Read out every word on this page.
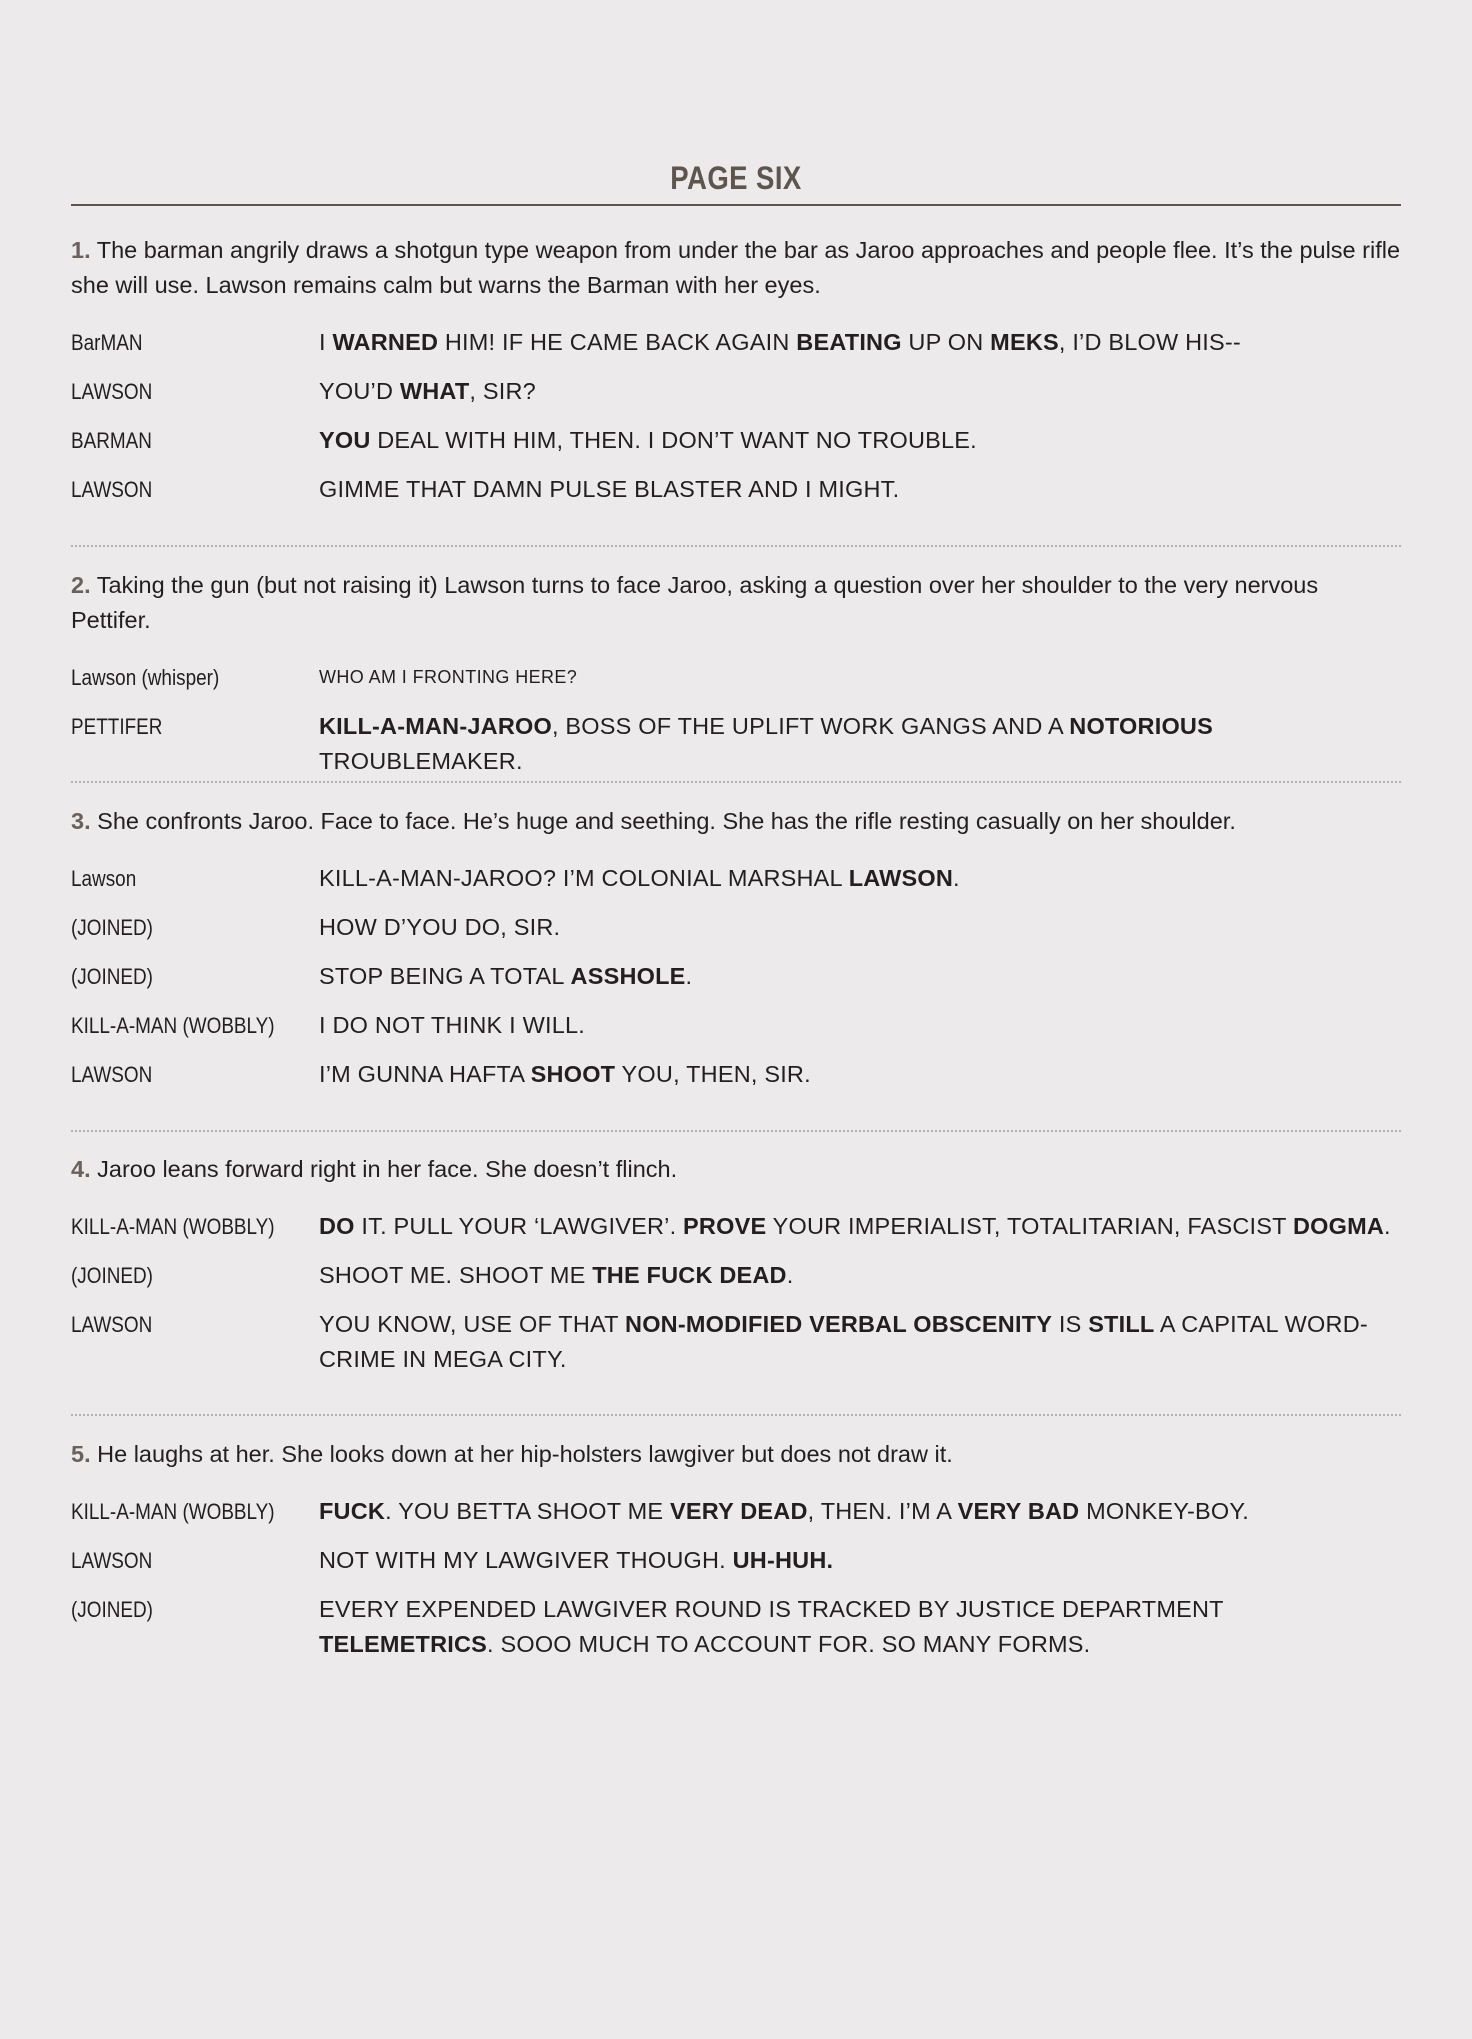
PAGE SIX

1. The barman angrily draws a shotgun type weapon from under the bar as Jaroo approaches and people flee. It’s the pulse rifle she will use. Lawson remains calm but warns the Barman with her eyes.

BarMAN	I WARNED HIM! IF HE CAME BACK AGAIN BEATING UP ON MEKS, I’D BLOW HIS--
LAWSON	YOU’D WHAT, SIR?
BARMAN	YOU DEAL WITH HIM, THEN. I DON’T WANT NO TROUBLE.
LAWSON	GIMME THAT DAMN PULSE BLASTER AND I MIGHT.

2. Taking the gun (but not raising it) Lawson turns to face Jaroo, asking a question over her shoulder to the very nervous Pettifer.

Lawson (whisper)	WHO AM I FRONTING HERE?
PETTIFER	KILL-A-MAN-JAROO, BOSS OF THE UPLIFT WORK GANGS AND A NOTORIOUS TROUBLEMAKER.

3. She confronts Jaroo. Face to face. He’s huge and seething. She has the rifle resting casually on her shoulder.

Lawson	KILL-A-MAN-JAROO? I’M COLONIAL MARSHAL LAWSON.
(JOINED)	HOW D’YOU DO, SIR.
(JOINED)	STOP BEING A TOTAL ASSHOLE.
KILL-A-MAN (WOBBLY)	I DO NOT THINK I WILL.
LAWSON	I’M GUNNA HAFTA SHOOT YOU, THEN, SIR.

4. Jaroo leans forward right in her face. She doesn’t flinch.

KILL-A-MAN (WOBBLY)	DO IT. PULL YOUR ‘LAWGIVER’. PROVE YOUR IMPERIALIST, TOTALITARIAN, FASCIST DOGMA.
(JOINED)	SHOOT ME. SHOOT ME THE FUCK DEAD.
LAWSON	YOU KNOW, USE OF THAT NON-MODIFIED VERBAL OBSCENITY IS STILL A CAPITAL WORD-CRIME IN MEGA CITY.

5. He laughs at her. She looks down at her hip-holsters lawgiver but does not draw it.

KILL-A-MAN (WOBBLY)	FUCK. YOU BETTA SHOOT ME VERY DEAD, THEN. I’M A VERY BAD MONKEY-BOY.
LAWSON	NOT WITH MY LAWGIVER THOUGH. UH-HUH.
(JOINED)	EVERY EXPENDED LAWGIVER ROUND IS TRACKED BY JUSTICE DEPARTMENT TELEMETRICS. SOOO MUCH TO ACCOUNT FOR. SO MANY FORMS.
